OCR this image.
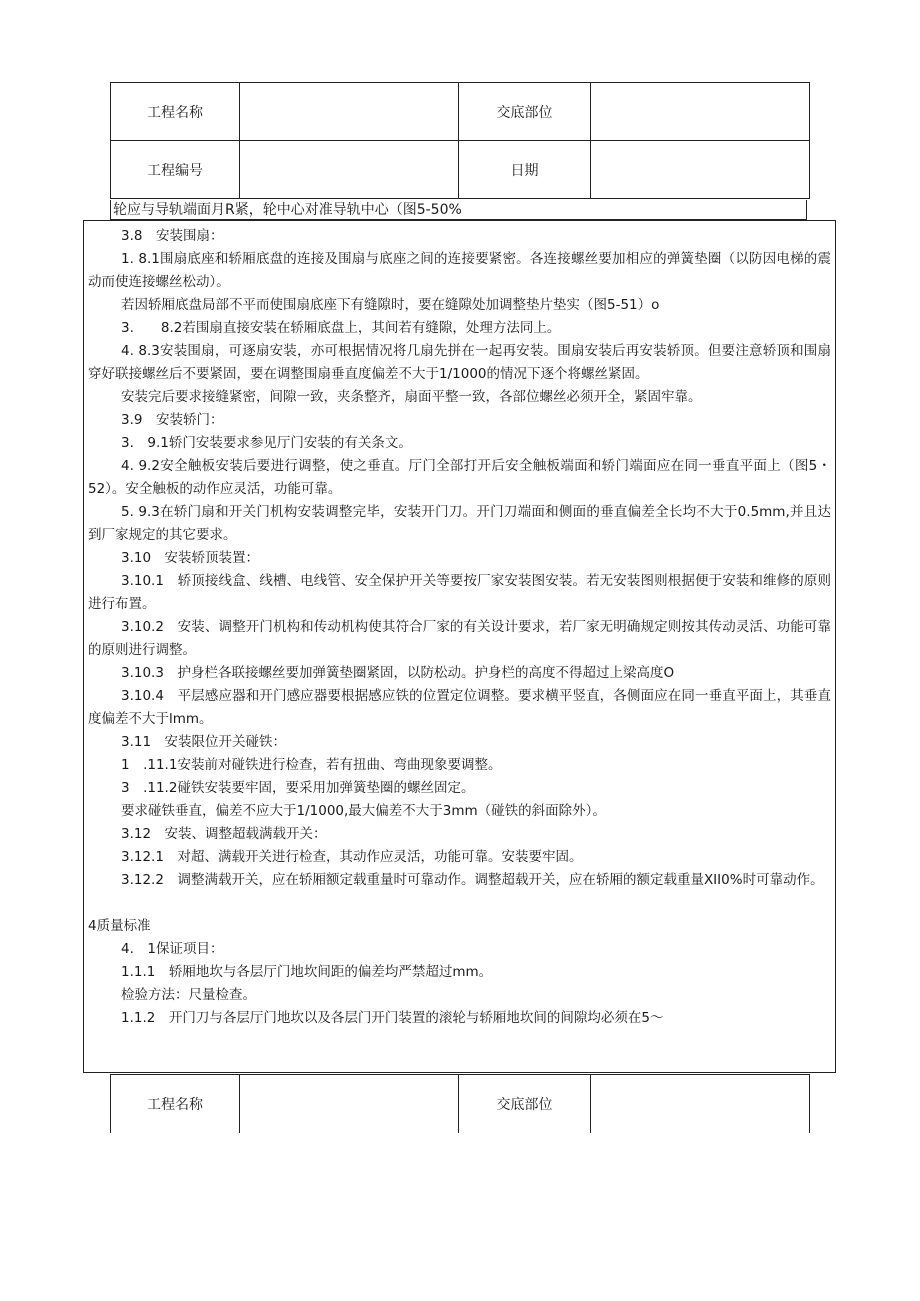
工程名称		交底部位	
工程编号		日期	
轮应与导轨端面月R紧，轮中心对准导轨中心（图5-50%
3.8　安装围扇：
1. 8.1围扇底座和轿厢底盘的连接及围扇与底座之间的连接要紧密。各连接螺丝要加相应的弹簧垫圈（以防因电梯的震动而使连接螺丝松动）。
若因轿厢底盘局部不平而使围扇底座下有缝隙时，要在缝隙处加调整垫片垫实（图5-51）o
3.　　8.2若围扇直接安装在轿厢底盘上，其间若有缝隙，处理方法同上。
4. 8.3安装围扇，可逐扇安装，亦可根据情况将几扇先拼在一起再安装。围扇安装后再安装轿顶。但要注意轿顶和围扇穿好联接螺丝后不要紧固，要在调整围扇垂直度偏差不大于1/1000的情况下逐个将螺丝紧固。
安装完后要求接缝紧密，间隙一致，夹条整齐，扇面平整一致，各部位螺丝必须开全，紧固牢靠。
3.9　安装轿门：
3.　9.1轿门安装要求参见厅门安装的有关条文。
4. 9.2安全触板安装后要进行调整，使之垂直。厅门全部打开后安全触板端面和轿门端面应在同一垂直平面上（图5・52）。安全触板的动作应灵活，功能可靠。
5. 9.3在轿门扇和开关门机构安装调整完毕，安装开门刀。开门刀端面和侧面的垂直偏差全长均不大于0.5mm,并且达到厂家规定的其它要求。
3.10　安装轿顶装置：
3.10.1　轿顶接线盒、线槽、电线管、安全保护开关等要按厂家安装图安装。若无安装图则根据便于安装和维修的原则进行布置。
3.10.2　安装、调整开门机构和传动机构使其符合厂家的有关设计要求，若厂家无明确规定则按其传动灵活、功能可靠的原则进行调整。
3.10.3　护身栏各联接螺丝要加弹簧垫圈紧固，以防松动。护身栏的高度不得超过上梁高度O
3.10.4　平层感应器和开门感应器要根据感应铁的位置定位调整。要求横平竖直，各侧面应在同一垂直平面上，其垂直度偏差不大于lmm。
3.11　安装限位开关碰铁：
1　.11.1安装前对碰铁进行检查，若有扭曲、弯曲现象要调整。
3　.11.2碰铁安装要牢固，要采用加弹簧垫圈的螺丝固定。
要求碰铁垂直，偏差不应大于1/1000,最大偏差不大于3mm（碰铁的斜面除外）。
3.12　安装、调整超载满载开关：
3.12.1　对超、满载开关进行检查，其动作应灵活，功能可靠。安装要牢固。
3.12.2　调整满载开关，应在轿厢额定载重量时可靠动作。调整超载开关，应在轿厢的额定载重量XII0%时可靠动作。
4质量标准
4.　1保证项目：
1.1.1　轿厢地坎与各层厅门地坎间距的偏差均严禁超过mm。
检验方法：尺量检查。
1.1.2　开门刀与各层厅门地坎以及各层门开门装置的滚轮与轿厢地坎间的间隙均必须在5〜
工程名称		交底部位	
